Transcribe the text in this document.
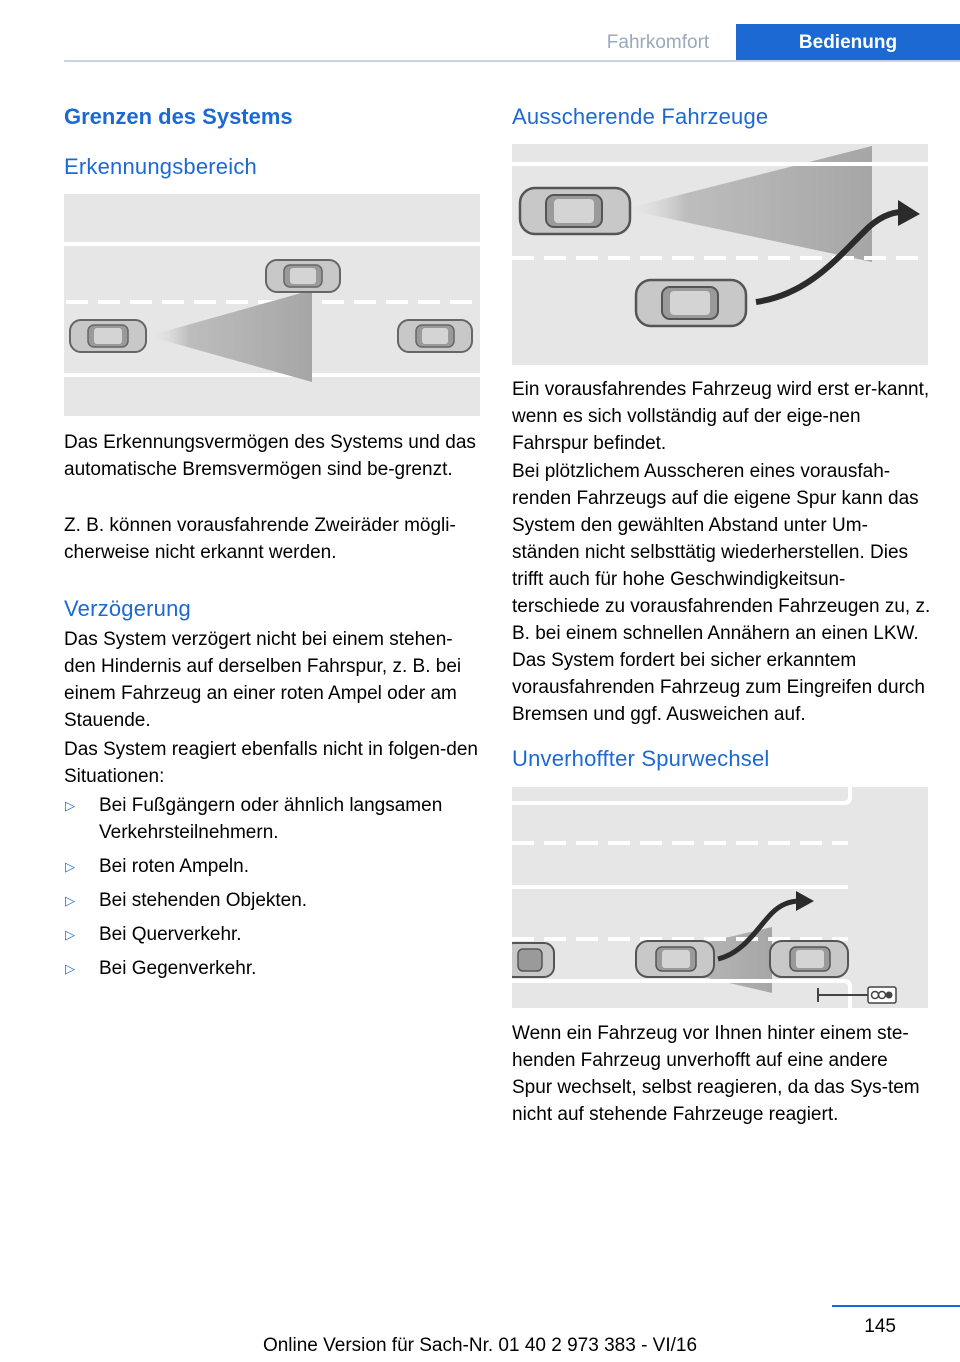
Fahrkomfort	Bedienung
Grenzen des Systems
Erkennungsbereich

Das Erkennungsvermögen des Systems und das automatische Bremsvermögen sind be‐grenzt.

Z. B. können vorausfahrende Zweiräder mögli‐cherweise nicht erkannt werden.

Verzögerung

Das System verzögert nicht bei einem stehen‐den Hindernis auf derselben Fahrspur, z. B. bei einem Fahrzeug an einer roten Ampel oder am Stauende.

Das System reagiert ebenfalls nicht in folgen‐den Situationen:

▷ Bei Fußgängern oder ähnlich langsamen Verkehrsteilnehmern.
▷ Bei roten Ampeln.
▷ Bei stehenden Objekten.
▷ Bei Querverkehr.
▷ Bei Gegenverkehr.
Ausscherende Fahrzeuge

Ein vorausfahrendes Fahrzeug wird erst er‐kannt, wenn es sich vollständig auf der eige‐nen Fahrspur befindet.

Bei plötzlichem Ausscheren eines vorausfah‐renden Fahrzeugs auf die eigene Spur kann das System den gewählten Abstand unter Um‐ständen nicht selbsttätig wiederherstellen. Dies trifft auch für hohe Geschwindigkeitsun‐terschiede zu vorausfahrenden Fahrzeugen zu, z. B. bei einem schnellen Annähern an einen LKW. Das System fordert bei sicher erkanntem vorausfahrenden Fahrzeug zum Eingreifen durch Bremsen und ggf. Ausweichen auf.

Unverhoffter Spurwechsel

Wenn ein Fahrzeug vor Ihnen hinter einem ste‐henden Fahrzeug unverhofft auf eine andere Spur wechselt, selbst reagieren, da das Sys‐tem nicht auf stehende Fahrzeuge reagiert.

145
Online Version für Sach-Nr. 01 40 2 973 383 - VI/16
